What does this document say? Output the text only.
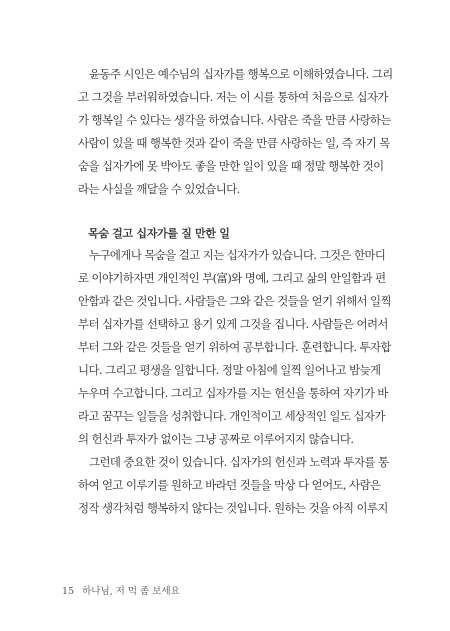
윤동주 시인은 예수님의 십자가를 행복으로 이해하였습니다. 그리
고 그것을 부러워하였습니다. 저는 이 시를 통하여 처음으로 십자가
가 행복일 수 있다는 생각을 하였습니다. 사람은 죽을 만큼 사랑하는
사람이 있을 때 행복한 것과 같이 죽을 만큼 사랑하는 일, 즉 자기 목
숨을 십자가에 못 박아도 좋을 만한 일이 있을 때 정말 행복한 것이
라는 사실을 깨달을 수 있었습니다.
목숨 걸고 십자가를 질 만한 일
누구에게나 목숨을 걸고 지는 십자가가 있습니다. 그것은 한마디
로 이야기하자면 개인적인 부(富)와 명예, 그리고 삶의 안일함과 편
안함과 같은 것입니다. 사람들은 그와 같은 것들을 얻기 위해서 일찍
부터 십자가를 선택하고 용기 있게 그것을 집니다. 사람들은 어려서
부터 그와 같은 것들을 얻기 위하여 공부합니다. 훈련합니다. 투자합
니다. 그리고 평생을 일합니다. 정말 아침에 일찍 일어나고 밤늦게
누우며 수고합니다. 그리고 십자가를 지는 헌신을 통하여 자기가 바
라고 꿈꾸는 일들을 성취합니다. 개인적이고 세상적인 일도 십자가
의 헌신과 투자가 없이는 그냥 공짜로 이루어지지 않습니다.
그런데 중요한 것이 있습니다. 십자가의 헌신과 노력과 투자를 통
하여 얻고 이루기를 원하고 바라던 것들을 막상 다 얻어도, 사람은
정작 생각처럼 행복하지 않다는 것입니다. 원하는 것을 아직 이루지
15 하나님, 저 먹 좀 보세요
